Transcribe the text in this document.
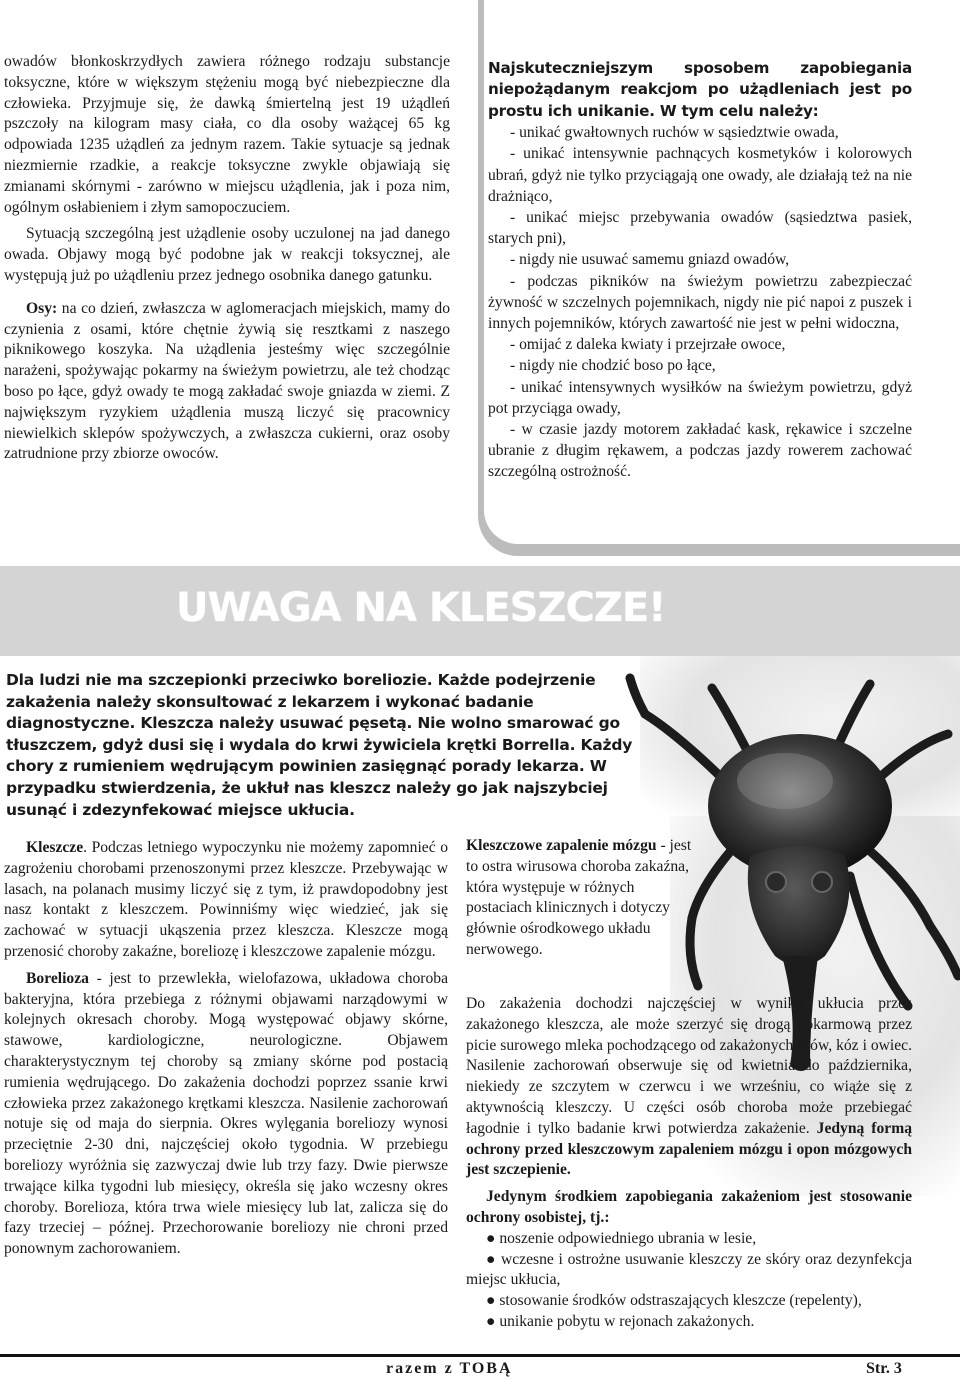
owadów błonkoskrzydłych zawiera różnego rodzaju substancje toksyczne, które w większym stężeniu mogą być niebezpieczne dla człowieka. Przyjmuje się, że dawką śmiertelną jest 19 użądleń pszczoły na kilogram masy ciała, co dla osoby ważącej 65 kg odpowiada 1235 użądleń za jednym razem. Takie sytuacje są jednak niezmiernie rzadkie, a reakcje toksyczne zwykle objawiają się zmianami skórnymi - zarówno w miejscu użądlenia, jak i poza nim, ogólnym osłabieniem i złym samopoczuciem.

Sytuacją szczególną jest użądlenie osoby uczulonej na jad danego owada. Objawy mogą być podobne jak w reakcji toksycznej, ale występują już po użądleniu przez jednego osobnika danego gatunku.

Osy: na co dzień, zwłaszcza w aglomeracjach miejskich, mamy do czynienia z osami, które chętnie żywią się resztkami z naszego piknikowego koszyka. Na użądlenia jesteśmy więc szczególnie narażeni, spożywając pokarmy na świeżym powietrzu, ale też chodząc boso po łące, gdyż owady te mogą zakładać swoje gniazda w ziemi. Z największym ryzykiem użądlenia muszą liczyć się pracownicy niewielkich sklepów spożywczych, a zwłaszcza cukierni, oraz osoby zatrudnione przy zbiorze owoców.

Najskuteczniejszym sposobem zapobiegania niepożądanym reakcjom po użądleniach jest po prostu ich unikanie. W tym celu należy:

- unikać gwałtownych ruchów w sąsiedztwie owada,

- unikać intensywnie pachnących kosmetyków i kolorowych ubrań, gdyż nie tylko przyciągają one owady, ale działają też na nie drażniąco,

- unikać miejsc przebywania owadów (sąsiedztwa pasiek, starych pni),

- nigdy nie usuwać samemu gniazd owadów,

- podczas pikników na świeżym powietrzu zabezpieczać żywność w szczelnych pojemnikach, nigdy nie pić napoi z puszek i innych pojemników, których zawartość nie jest w pełni widoczna,

- omijać z daleka kwiaty i przejrzałe owoce,

- nigdy nie chodzić boso po łące,

- unikać intensywnych wysiłków na świeżym powietrzu, gdyż pot przyciąga owady,

- w czasie jazdy motorem zakładać kask, rękawice i szczelne ubranie z długim rękawem, a podczas jazdy rowerem zachować szczególną ostrożność.

UWAGA NA KLESZCZE!

Dla ludzi nie ma szczepionki przeciwko boreliozie. Każde podejrzenie zakażenia należy skonsultować z lekarzem i wykonać badanie diagnostyczne. Kleszcza należy usuwać pęsetą. Nie wolno smarować go tłuszczem, gdyż dusi się i wydala do krwi żywiciela krętki Borrella. Każdy chory z rumieniem wędrującym powinien zasięgnąć porady lekarza. W przypadku stwierdzenia, że ukłuł nas kleszcz należy go jak najszybciej usunąć i zdezynfekować miejsce ukłucia.

Kleszcze. Podczas letniego wypoczynku nie możemy zapomnieć o zagrożeniu chorobami przenoszonymi przez kleszcze. Przebywając w lasach, na polanach musimy liczyć się z tym, iż prawdopodobny jest nasz kontakt z kleszczem. Powinniśmy więc wiedzieć, jak się zachować w sytuacji ukąszenia przez kleszcza. Kleszcze mogą przenosić choroby zakaźne, boreliozę i kleszczowe zapalenie mózgu.

Borelioza - jest to przewlekła, wielofazowa, układowa choroba bakteryjna, która przebiega z różnymi objawami narządowymi w kolejnych okresach choroby. Mogą występować objawy skórne, stawowe, kardiologiczne, neurologiczne. Objawem charakterystycznym tej choroby są zmiany skórne pod postacią rumienia wędrującego. Do zakażenia dochodzi poprzez ssanie krwi człowieka przez zakażonego krętkami kleszcza. Nasilenie zachorowań notuje się od maja do sierpnia. Okres wylęgania boreliozy wynosi przeciętnie 2-30 dni, najczęściej około tygodnia. W przebiegu boreliozy wyróżnia się zazwyczaj dwie lub trzy fazy. Dwie pierwsze trwające kilka tygodni lub miesięcy, określa się jako wczesny okres choroby. Borelioza, która trwa wiele miesięcy lub lat, zalicza się do fazy trzeciej – późnej. Przechorowanie boreliozy nie chroni przed ponownym zachorowaniem.

Kleszczowe zapalenie mózgu - jest to ostra wirusowa choroba zakaźna, która występuje w różnych postaciach klinicznych i dotyczy głównie ośrodkowego układu nerwowego.

Do zakażenia dochodzi najczęściej w wyniku ukłucia przez zakażonego kleszcza, ale może szerzyć się drogą pokarmową przez picie surowego mleka pochodzącego od zakażonych krów, kóz i owiec. Nasilenie zachorowań obserwuje się od kwietnia do października, niekiedy ze szczytem w czerwcu i we wrześniu, co wiąże się z aktywnością kleszczy. U części osób choroba może przebiegać łagodnie i tylko badanie krwi potwierdza zakażenie. Jedyną formą ochrony przed kleszczowym zapaleniem mózgu i opon mózgowych jest szczepienie.

Jedynym środkiem zapobiegania zakażeniom jest stosowanie ochrony osobistej, tj.:

● noszenie odpowiedniego ubrania w lesie,

● wczesne i ostrożne usuwanie kleszczy ze skóry oraz dezynfekcja miejsc ukłucia,

● stosowanie środków odstraszających kleszcze (repelenty),

● unikanie pobytu w rejonach zakażonych.

razem z TOBĄ	Str. 3
